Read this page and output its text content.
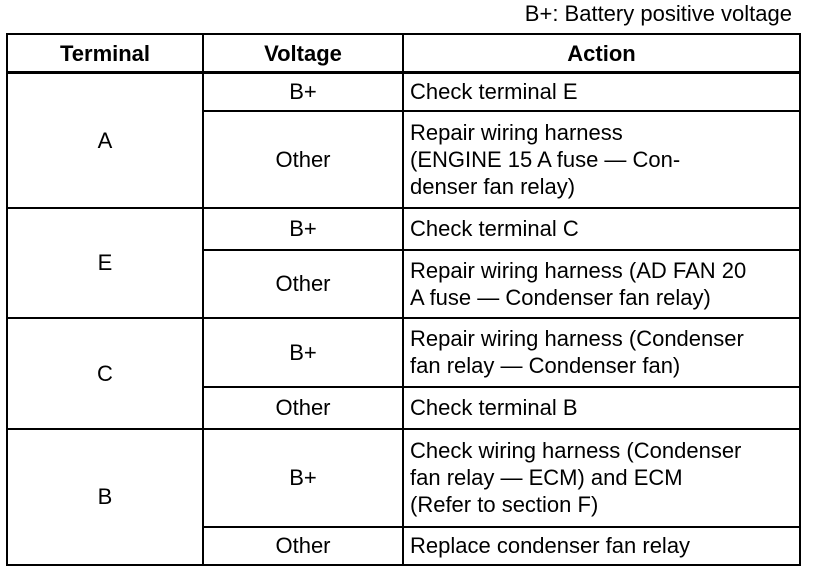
B+: Battery positive voltage
Terminal	Voltage	Action
A	B+	Check terminal E

	Other	Repair wiring harness
(ENGINE 15 A fuse — Con-
denser fan relay)

E	B+	Check terminal C

	Other	Repair wiring harness (AD FAN 20
A fuse — Condenser fan relay)

C	B+	Repair wiring harness (Condenser
fan relay — Condenser fan)

	Other	Check terminal B

B	B+	Check wiring harness (Condenser
fan relay — ECM) and ECM
(Refer to section F)

	Other	Replace condenser fan relay
